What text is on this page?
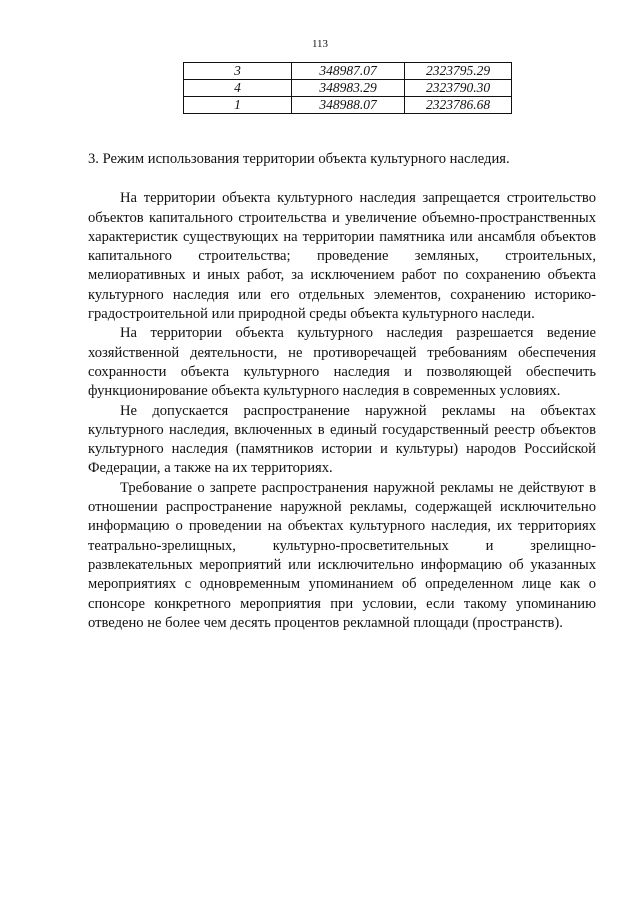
113
3	348987.07	2323795.29
4	348983.29	2323790.30
1	348988.07	2323786.68

3. Режим использования территории объекта культурного наследия.

На территории объекта культурного наследия запрещается строительство объектов капитального строительства и увеличение объемно-пространственных характеристик существующих на территории памятника или ансамбля объектов капитального строительства; проведение земляных, строительных, мелиоративных и иных работ, за исключением работ по сохранению объекта культурного наследия или его отдельных элементов, сохранению историко-градостроительной или природной среды объекта культурного наследи.

На территории объекта культурного наследия разрешается ведение хозяйственной деятельности, не противоречащей требованиям обеспечения сохранности объекта культурного наследия и позволяющей обеспечить функционирование объекта культурного наследия в современных условиях.

Не допускается распространение наружной рекламы на объектах культурного наследия, включенных в единый государственный реестр объектов культурного наследия (памятников истории и культуры) народов Российской Федерации, а также на их территориях.

Требование о запрете распространения наружной рекламы не действуют в отношении распространение наружной рекламы, содержащей исключительно информацию о проведении на объектах культурного наследия, их территориях театрально-зрелищных, культурно-просветительных и зрелищно-развлекательных мероприятий или исключительно информацию об указанных мероприятиях с одновременным упоминанием об определенном лице как о спонсоре конкретного мероприятия при условии, если такому упоминанию отведено не более чем десять процентов рекламной площади (пространств).
